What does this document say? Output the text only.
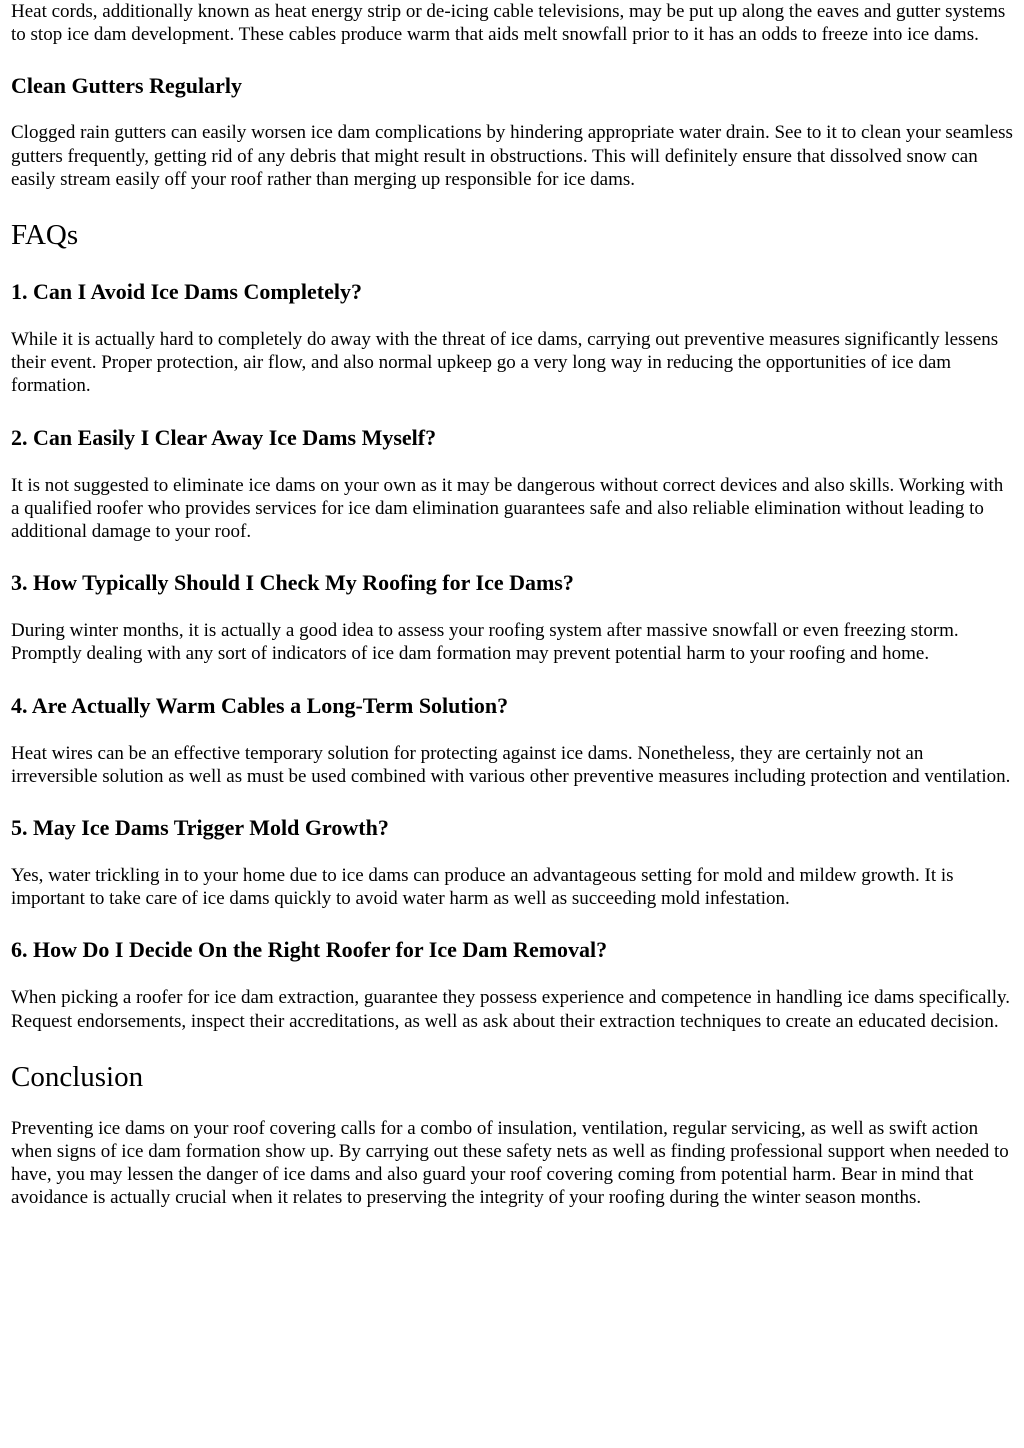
Heat cords, additionally known as heat energy strip or de-icing cable televisions, may be put up along the eaves and gutter systems to stop ice dam development. These cables produce warm that aids melt snowfall prior to it has an odds to freeze into ice dams.

Clean Gutters Regularly

Clogged rain gutters can easily worsen ice dam complications by hindering appropriate water drain. See to it to clean your seamless gutters frequently, getting rid of any debris that might result in obstructions. This will definitely ensure that dissolved snow can easily stream easily off your roof rather than merging up responsible for ice dams.

FAQs
1. Can I Avoid Ice Dams Completely?

While it is actually hard to completely do away with the threat of ice dams, carrying out preventive measures significantly lessens their event. Proper protection, air flow, and also normal upkeep go a very long way in reducing the opportunities of ice dam formation.

2. Can Easily I Clear Away Ice Dams Myself?

It is not suggested to eliminate ice dams on your own as it may be dangerous without correct devices and also skills. Working with a qualified roofer who provides services for ice dam elimination guarantees safe and also reliable elimination without leading to additional damage to your roof.

3. How Typically Should I Check My Roofing for Ice Dams?

During winter months, it is actually a good idea to assess your roofing system after massive snowfall or even freezing storm. Promptly dealing with any sort of indicators of ice dam formation may prevent potential harm to your roofing and home.

4. Are Actually Warm Cables a Long-Term Solution?

Heat wires can be an effective temporary solution for protecting against ice dams. Nonetheless, they are certainly not an irreversible solution as well as must be used combined with various other preventive measures including protection and ventilation.

5. May Ice Dams Trigger Mold Growth?

Yes, water trickling in to your home due to ice dams can produce an advantageous setting for mold and mildew growth. It is important to take care of ice dams quickly to avoid water harm as well as succeeding mold infestation.

6. How Do I Decide On the Right Roofer for Ice Dam Removal?

When picking a roofer for ice dam extraction, guarantee they possess experience and competence in handling ice dams specifically. Request endorsements, inspect their accreditations, as well as ask about their extraction techniques to create an educated decision.

Conclusion

Preventing ice dams on your roof covering calls for a combo of insulation, ventilation, regular servicing, as well as swift action when signs of ice dam formation show up. By carrying out these safety nets as well as finding professional support when needed to have, you may lessen the danger of ice dams and also guard your roof covering coming from potential harm. Bear in mind that avoidance is actually crucial when it relates to preserving the integrity of your roofing during the winter season months.
